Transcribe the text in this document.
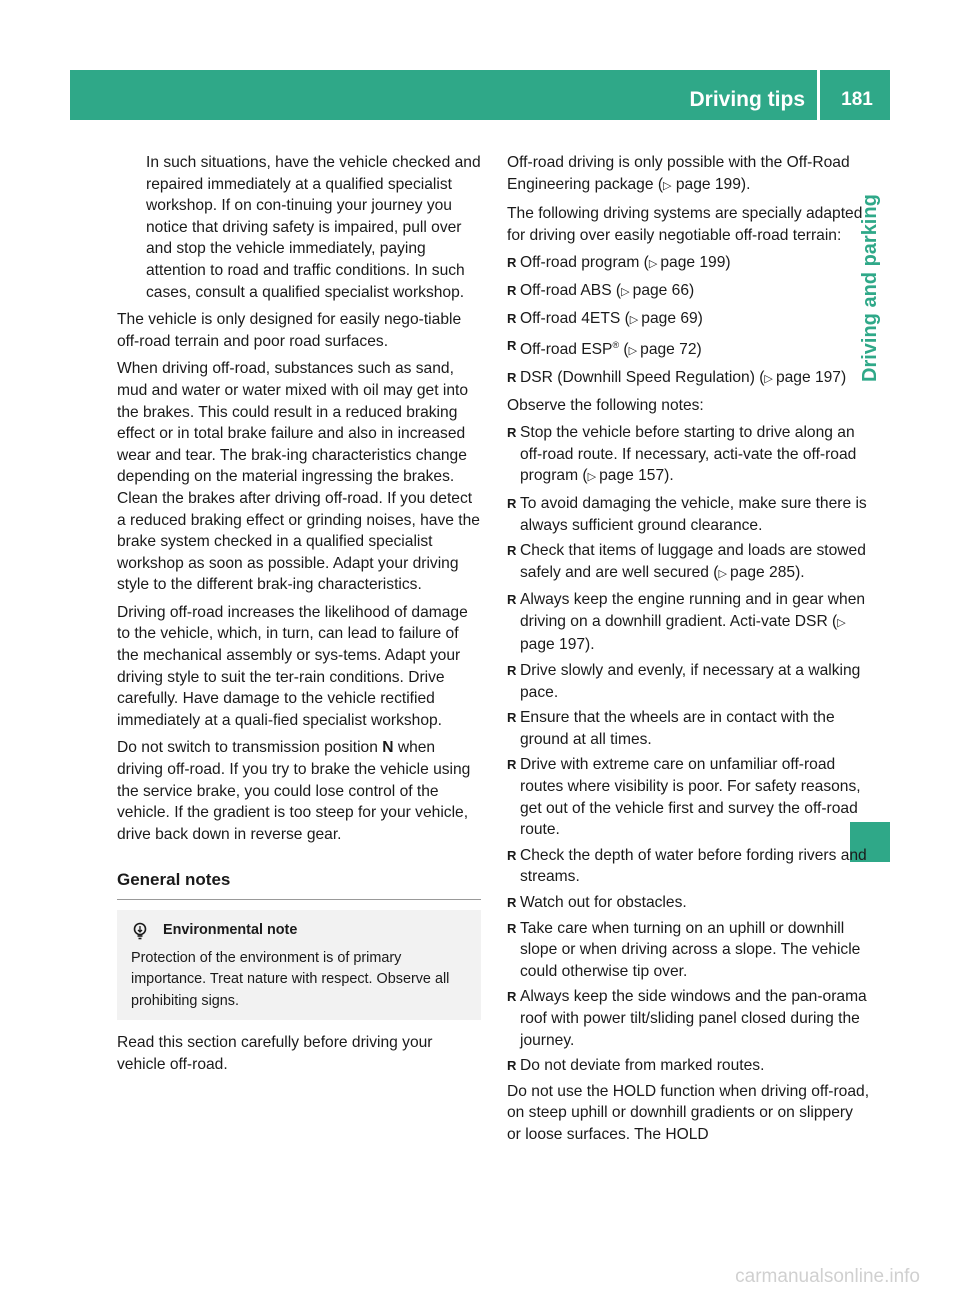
Driving tips	181
Driving and parking

In such situations, have the vehicle checked and repaired immediately at a qualified specialist workshop. If on con-tinuing your journey you notice that driving safety is impaired, pull over and stop the vehicle immediately, paying attention to road and traffic conditions. In such cases, consult a qualified specialist workshop.

The vehicle is only designed for easily nego-tiable off-road terrain and poor road surfaces.

When driving off-road, substances such as sand, mud and water or water mixed with oil may get into the brakes. This could result in a reduced braking effect or in total brake failure and also in increased wear and tear. The brak-ing characteristics change depending on the material ingressing the brakes. Clean the brakes after driving off-road. If you detect a reduced braking effect or grinding noises, have the brake system checked in a qualified specialist workshop as soon as possible. Adapt your driving style to the different brak-ing characteristics.

Driving off-road increases the likelihood of damage to the vehicle, which, in turn, can lead to failure of the mechanical assembly or sys-tems. Adapt your driving style to suit the ter-rain conditions. Drive carefully. Have damage to the vehicle rectified immediately at a quali-fied specialist workshop.

Do not switch to transmission position N when driving off-road. If you try to brake the vehicle using the service brake, you could lose control of the vehicle. If the gradient is too steep for your vehicle, drive back down in reverse gear.

General notes
Environmental note
Protection of the environment is of primary importance. Treat nature with respect. Observe all prohibiting signs.

Read this section carefully before driving your vehicle off-road.

Off-road driving is only possible with the Off-Road Engineering package (▷ page 199).

The following driving systems are specially adapted for driving over easily negotiable off-road terrain:

R Off-road program (▷ page 199)
R Off-road ABS (▷ page 66)
R Off-road 4ETS (▷ page 69)
R Off-road ESP® (▷ page 72)
R DSR (Downhill Speed Regulation) (▷ page 197)

Observe the following notes:

R Stop the vehicle before starting to drive along an off-road route. If necessary, acti-vate the off-road program (▷ page 157).
R To avoid damaging the vehicle, make sure there is always sufficient ground clearance.
R Check that items of luggage and loads are stowed safely and are well secured (▷ page 285).
R Always keep the engine running and in gear when driving on a downhill gradient. Acti-vate DSR (▷ page 197).
R Drive slowly and evenly, if necessary at a walking pace.
R Ensure that the wheels are in contact with the ground at all times.
R Drive with extreme care on unfamiliar off-road routes where visibility is poor. For safety reasons, get out of the vehicle first and survey the off-road route.
R Check the depth of water before fording rivers and streams.
R Watch out for obstacles.
R Take care when turning on an uphill or downhill slope or when driving across a slope. The vehicle could otherwise tip over.
R Always keep the side windows and the pan-orama roof with power tilt/sliding panel closed during the journey.
R Do not deviate from marked routes.

Do not use the HOLD function when driving off-road, on steep uphill or downhill gradients or on slippery or loose surfaces. The HOLD

carmanualsonline.info
